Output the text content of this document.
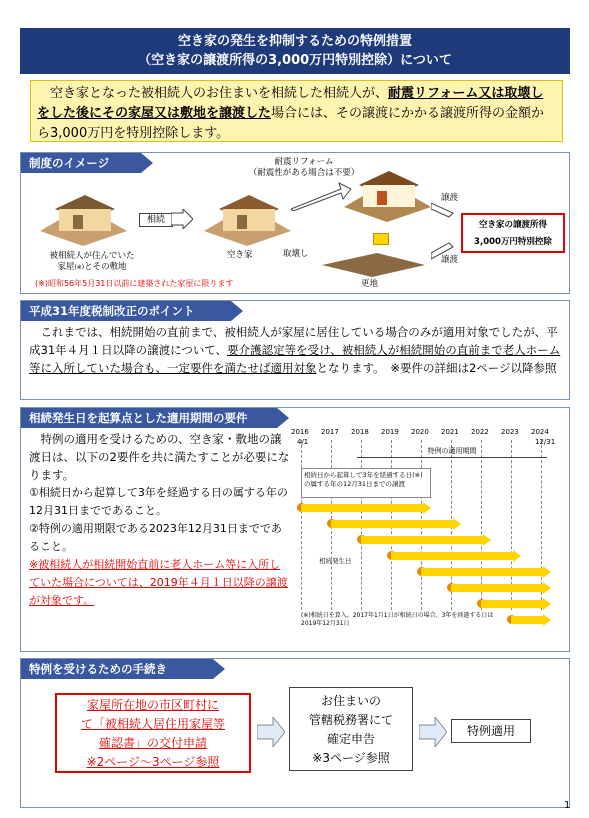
空き家の発生を抑制するための特例措置
（空き家の譲渡所得の3,000万円特別控除）について
　空き家となった被相続人のお住まいを相続した相続人が、耐震リフォーム又は取壊しをした後にその家屋又は敷地を譲渡した場合には、その譲渡にかかる譲渡所得の金額から3,000万円を特別控除します。
制度のイメージ
被相続人が住んでいた
家屋(※)とその敷地
相続
空き家
耐震リフォーム
（耐震性がある場合は不要）
取壊し
更地
譲渡
譲渡
空き家の譲渡所得
3,000万円特別控除
(※)昭和56年5月31日以前に建築された家屋に限ります
平成31年度税制改正のポイント
　これまでは、相続開始の直前まで、被相続人が家屋に居住している場合のみが適用対象でしたが、平成31年４月１日以降の譲渡について、要介護認定等を受け、被相続人が相続開始の直前まで老人ホーム等に入所していた場合も、一定要件を満たせば適用対象となります。　※要件の詳細は2ページ以降参照
相続発生日を起算点とした適用期間の要件
　特例の適用を受けるための、空き家・敷地の譲渡日は、以下の2要件を共に満たすことが必要になります。
①相続日から起算して3年を経過する日の属する年の12月31日までであること。
②特例の適用期限である2023年12月31日までであること。
※被相続人が相続開始直前に老人ホーム等に入所していた場合については、2019年４月１日以降の譲渡が対象です。
2016 2017 2018 2019 2020 2021 2022 2023 2024
4/1	12/31
特例の適用期間
相続日から起算して3年を経過する日(※)の属する年の12月31日までの譲渡
相続発生日
(※)相続日を算入。2017年1月1日が相続日の場合、3年を経過する日は2019年12月31日
特例を受けるための手続き
家屋所在地の市区町村に
て「被相続人居住用家屋等
確認書」の交付申請
※2ページ～3ページ参照
お住まいの
管轄税務署にて
確定申告
※3ページ参照
特例適用
1
